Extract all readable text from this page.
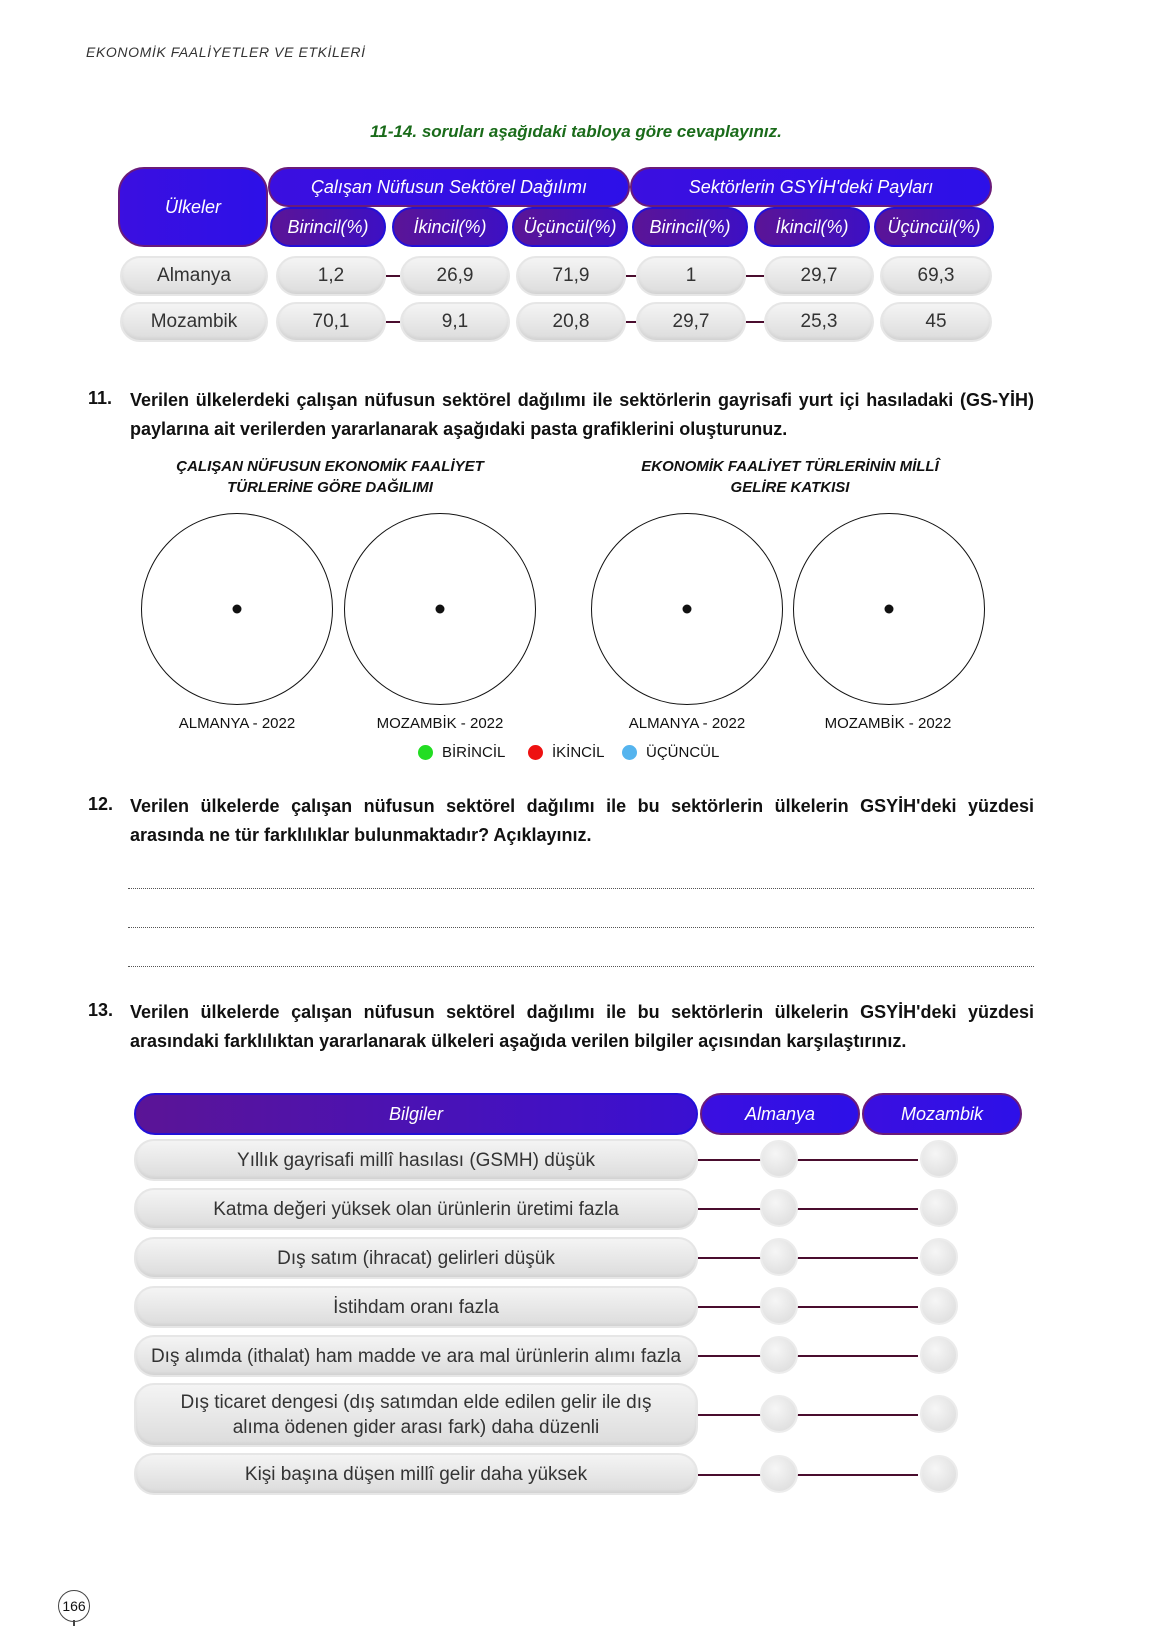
EKONOMİK FAALİYETLER VE ETKİLERİ
11-14. soruları aşağıdaki tabloya göre cevaplayınız.
Ülkeler
Çalışan Nüfusun Sektörel Dağılımı	Sektörlerin GSYİH'deki Payları
Birincil(%)	İkincil(%)	Üçüncül(%)	Birincil(%)	İkincil(%)	Üçüncül(%)
Almanya	1,2	26,9	71,9	1	29,7	69,3
Mozambik	70,1	9,1	20,8	29,7	25,3	45
11. Verilen ülkelerdeki çalışan nüfusun sektörel dağılımı ile sektörlerin gayrisafi yurt içi hasıladaki (GS-YİH) paylarına ait verilerden yararlanarak aşağıdaki pasta grafiklerini oluşturunuz.
ÇALIŞAN NÜFUSUN EKONOMİK FAALİYET
TÜRLERİNE GÖRE DAĞILIMI
EKONOMİK FAALİYET TÜRLERİNİN MİLLÎ
GELİRE KATKISI
ALMANYA - 2022	MOZAMBİK - 2022	ALMANYA - 2022	MOZAMBİK - 2022
BİRİNCİL	İKİNCİL	ÜÇÜNCÜL
12. Verilen ülkelerde çalışan nüfusun sektörel dağılımı ile bu sektörlerin ülkelerin GSYİH'deki yüzdesi arasında ne tür farklılıklar bulunmaktadır? Açıklayınız.
13. Verilen ülkelerde çalışan nüfusun sektörel dağılımı ile bu sektörlerin ülkelerin GSYİH'deki yüzdesi arasındaki farklılıktan yararlanarak ülkeleri aşağıda verilen bilgiler açısından karşılaştırınız.
Bilgiler	Almanya	Mozambik
Yıllık gayrisafi millî hasılası (GSMH) düşük
Katma değeri yüksek olan ürünlerin üretimi fazla
Dış satım (ihracat) gelirleri düşük
İstihdam oranı fazla
Dış alımda (ithalat) ham madde ve ara mal ürünlerin alımı fazla
Dış ticaret dengesi (dış satımdan elde edilen gelir ile dış alıma ödenen gider arası fark) daha düzenli
Kişi başına düşen millî gelir daha yüksek
166
